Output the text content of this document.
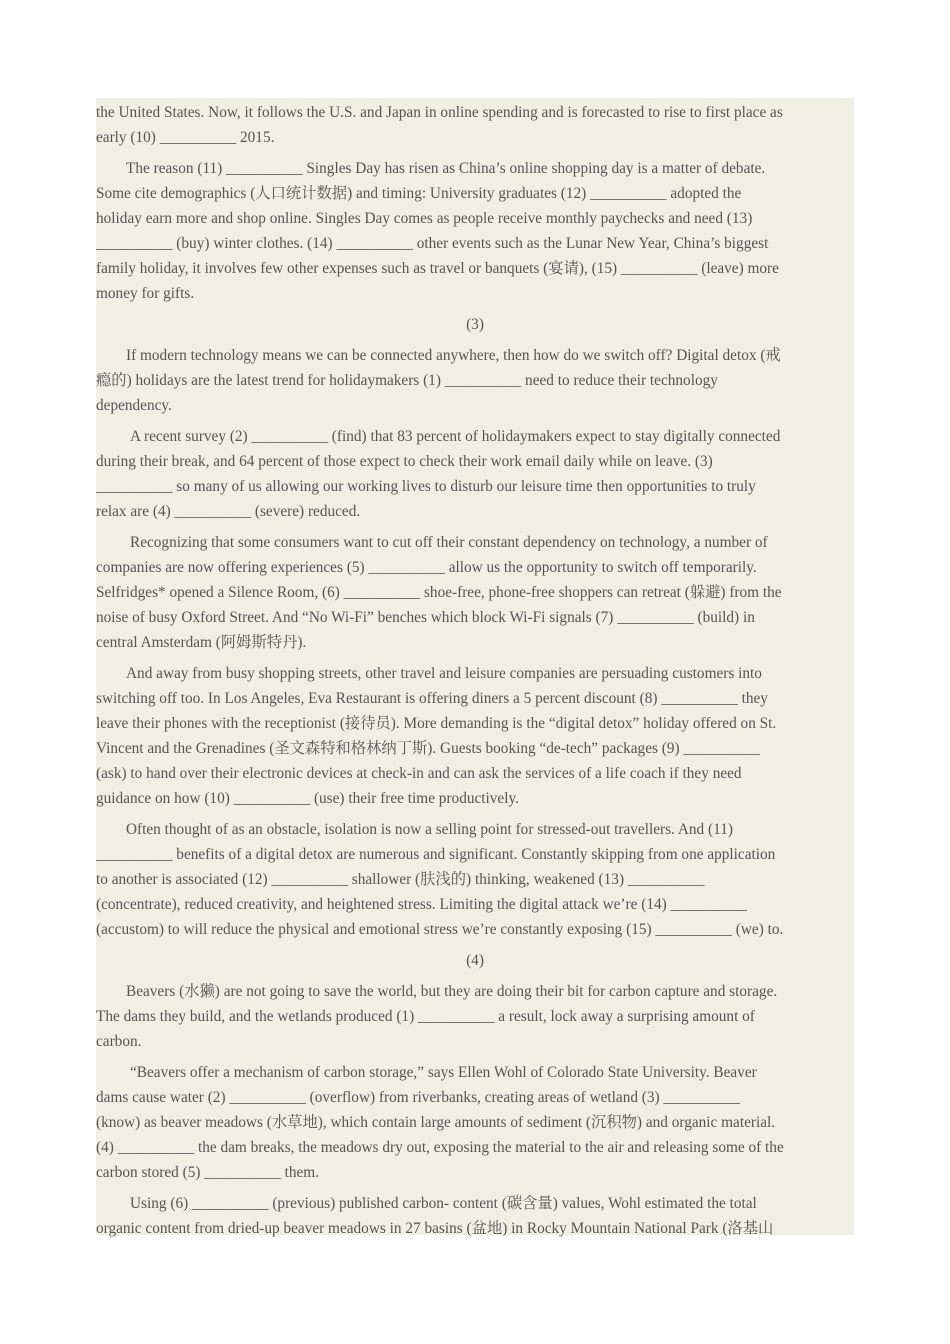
the United States. Now, it follows the U.S. and Japan in online spending and is forecasted to rise to first place as
early (10) __________ 2015.
The reason (11) __________ Singles Day has risen as China’s online shopping day is a matter of debate.
Some cite demographics (人口统计数据) and timing: University graduates (12) __________ adopted the
holiday earn more and shop online. Singles Day comes as people receive monthly paychecks and need (13)
__________ (buy) winter clothes. (14) __________ other events such as the Lunar New Year, China’s biggest
family holiday, it involves few other expenses such as travel or banquets (宴请), (15) __________ (leave) more
money for gifts.
(3)
If modern technology means we can be connected anywhere, then how do we switch off? Digital detox (戒
瘾的) holidays are the latest trend for holidaymakers (1) __________ need to reduce their technology
dependency.
A recent survey (2) __________ (find) that 83 percent of holidaymakers expect to stay digitally connected
during their break, and 64 percent of those expect to check their work email daily while on leave. (3)
__________ so many of us allowing our working lives to disturb our leisure time then opportunities to truly
relax are (4) __________ (severe) reduced.
Recognizing that some consumers want to cut off their constant dependency on technology, a number of
companies are now offering experiences (5) __________ allow us the opportunity to switch off temporarily.
Selfridges* opened a Silence Room, (6) __________ shoe-free, phone-free shoppers can retreat (躲避) from the
noise of busy Oxford Street. And “No Wi-Fi” benches which block Wi-Fi signals (7) __________ (build) in
central Amsterdam (阿姆斯特丹).
And away from busy shopping streets, other travel and leisure companies are persuading customers into
switching off too. In Los Angeles, Eva Restaurant is offering diners a 5 percent discount (8) __________ they
leave their phones with the receptionist (接待员). More demanding is the “digital detox” holiday offered on St.
Vincent and the Grenadines (圣文森特和格林纳丁斯). Guests booking “de-tech” packages (9) __________
(ask) to hand over their electronic devices at check-in and can ask the services of a life coach if they need
guidance on how (10) __________ (use) their free time productively.
Often thought of as an obstacle, isolation is now a selling point for stressed-out travellers. And (11)
__________ benefits of a digital detox are numerous and significant. Constantly skipping from one application
to another is associated (12) __________ shallower (肤浅的) thinking, weakened (13) __________
(concentrate), reduced creativity, and heightened stress. Limiting the digital attack we’re (14) __________
(accustom) to will reduce the physical and emotional stress we’re constantly exposing (15) __________ (we) to.
(4)
Beavers (水獭) are not going to save the world, but they are doing their bit for carbon capture and storage.
The dams they build, and the wetlands produced (1) __________ a result, lock away a surprising amount of
carbon.
“Beavers offer a mechanism of carbon storage,” says Ellen Wohl of Colorado State University. Beaver
dams cause water (2) __________ (overflow) from riverbanks, creating areas of wetland (3) __________
(know) as beaver meadows (水草地), which contain large amounts of sediment (沉积物) and organic material.
(4) __________ the dam breaks, the meadows dry out, exposing the material to the air and releasing some of the
carbon stored (5) __________ them.
Using (6) __________ (previous) published carbon- content (碳含量) values, Wohl estimated the total
organic content from dried-up beaver meadows in 27 basins (盆地) in Rocky Mountain National Park (洛基山
